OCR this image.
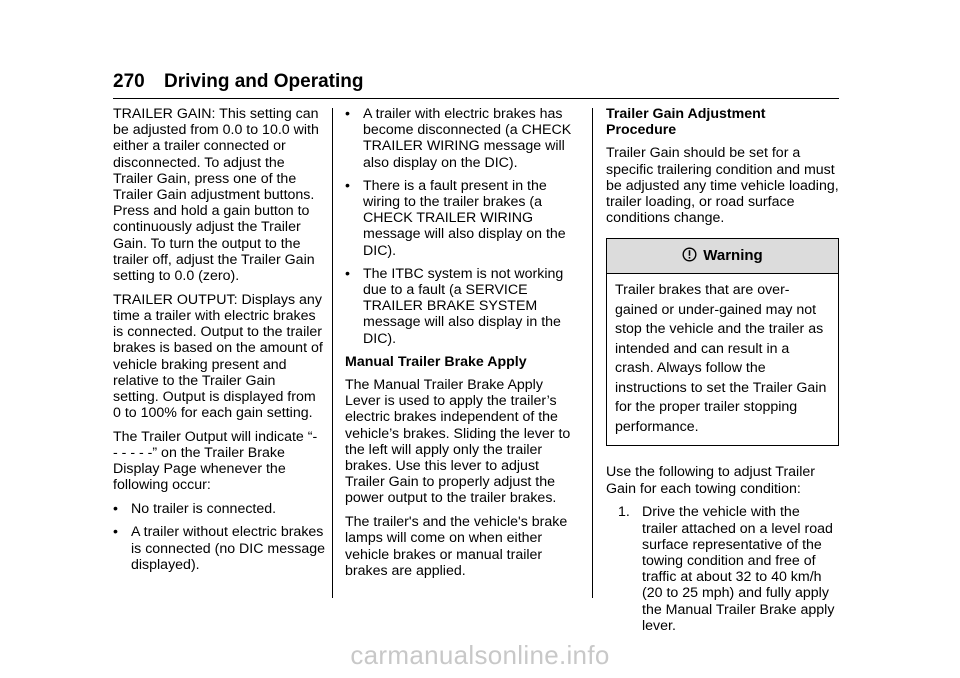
270 Driving and Operating

TRAILER GAIN: This setting can be adjusted from 0.0 to 10.0 with either a trailer connected or disconnected. To adjust the Trailer Gain, press one of the Trailer Gain adjustment buttons. Press and hold a gain button to continuously adjust the Trailer Gain. To turn the output to the trailer off, adjust the Trailer Gain setting to 0.0 (zero).

TRAILER OUTPUT: Displays any time a trailer with electric brakes is connected. Output to the trailer brakes is based on the amount of vehicle braking present and relative to the Trailer Gain setting. Output is displayed from 0 to 100% for each gain setting.

The Trailer Output will indicate “- - - - - -” on the Trailer Brake Display Page whenever the following occur:

• No trailer is connected.
• A trailer without electric brakes is connected (no DIC message displayed).
• A trailer with electric brakes has become disconnected (a CHECK TRAILER WIRING message will also display on the DIC).
• There is a fault present in the wiring to the trailer brakes (a CHECK TRAILER WIRING message will also display on the DIC).
• The ITBC system is not working due to a fault (a SERVICE TRAILER BRAKE SYSTEM message will also display in the DIC).
Manual Trailer Brake Apply

The Manual Trailer Brake Apply Lever is used to apply the trailer’s electric brakes independent of the vehicle’s brakes. Sliding the lever to the left will apply only the trailer brakes. Use this lever to adjust Trailer Gain to properly adjust the power output to the trailer brakes.

The trailer's and the vehicle's brake lamps will come on when either vehicle brakes or manual trailer brakes are applied.

Trailer Gain Adjustment Procedure

Trailer Gain should be set for a specific trailering condition and must be adjusted any time vehicle loading, trailer loading, or road surface conditions change.

Warning
Trailer brakes that are over-gained or under-gained may not stop the vehicle and the trailer as intended and can result in a crash. Always follow the instructions to set the Trailer Gain for the proper trailer stopping performance.

Use the following to adjust Trailer Gain for each towing condition:

1. Drive the vehicle with the trailer attached on a level road surface representative of the towing condition and free of traffic at about 32 to 40 km/h (20 to 25 mph) and fully apply the Manual Trailer Brake apply lever.
carmanualsonline.info
